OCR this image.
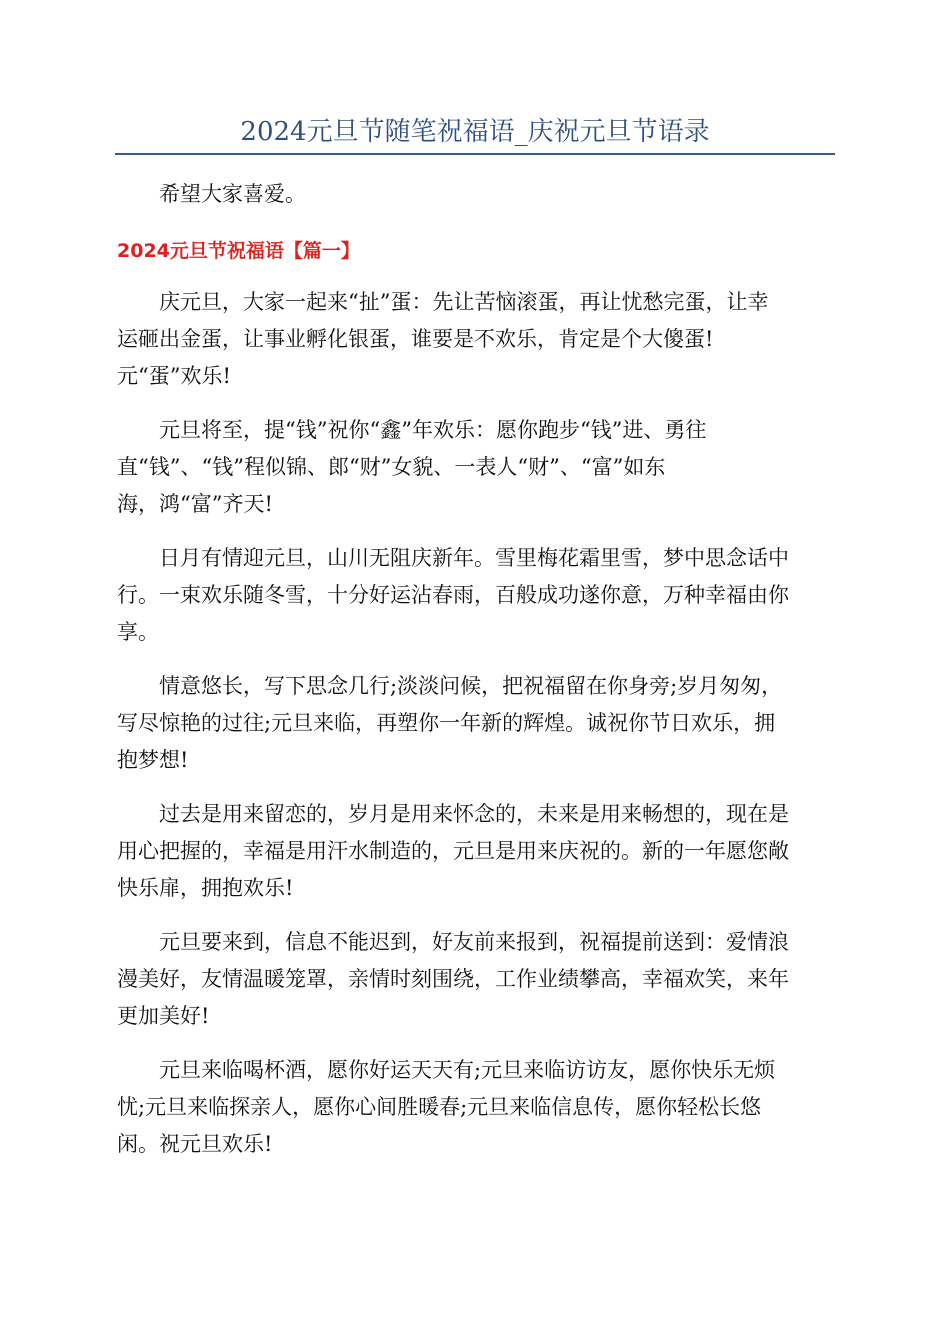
2024元旦节随笔祝福语_庆祝元旦节语录

希望大家喜爱。

2024元旦节祝福语【篇一】

庆元旦，大家一起来“扯”蛋：先让苦恼滚蛋，再让忧愁完蛋，让幸
运砸出金蛋，让事业孵化银蛋，谁要是不欢乐，肯定是个大傻蛋!
元“蛋”欢乐!

元旦将至，提“钱”祝你“鑫”年欢乐：愿你跑步“钱”进、勇往
直“钱”、“钱”程似锦、郎“财”女貌、一表人“财”、“富”如东
海，鸿“富”齐天!

日月有情迎元旦，山川无阻庆新年。雪里梅花霜里雪，梦中思念话中
行。一束欢乐随冬雪，十分好运沾春雨，百般成功遂你意，万种幸福由你
享。

情意悠长，写下思念几行;淡淡问候，把祝福留在你身旁;岁月匆匆，
写尽惊艳的过往;元旦来临，再塑你一年新的辉煌。诚祝你节日欢乐，拥
抱梦想!

过去是用来留恋的，岁月是用来怀念的，未来是用来畅想的，现在是
用心把握的，幸福是用汗水制造的，元旦是用来庆祝的。新的一年愿您敞
快乐扉，拥抱欢乐!

元旦要来到，信息不能迟到，好友前来报到，祝福提前送到：爱情浪
漫美好，友情温暖笼罩，亲情时刻围绕，工作业绩攀高，幸福欢笑，来年
更加美好!

元旦来临喝杯酒，愿你好运天天有;元旦来临访访友，愿你快乐无烦
忧;元旦来临探亲人，愿你心间胜暖春;元旦来临信息传，愿你轻松长悠
闲。祝元旦欢乐!
